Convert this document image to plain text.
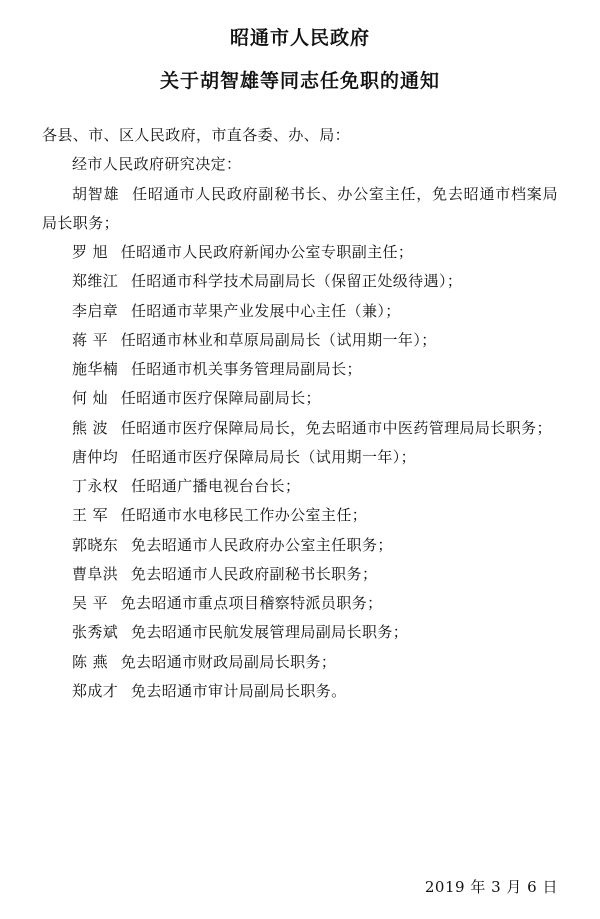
昭通市人民政府
关于胡智雄等同志任免职的通知
各县、市、区人民政府，市直各委、办、局：
经市人民政府研究决定：
胡智雄 任昭通市人民政府副秘书长、办公室主任，免去昭通市档案局局长职务；
罗 旭 任昭通市人民政府新闻办公室专职副主任；
郑维江 任昭通市科学技术局副局长（保留正处级待遇）；
李启章 任昭通市苹果产业发展中心主任（兼）；
蒋 平 任昭通市林业和草原局副局长（试用期一年）；
施华楠 任昭通市机关事务管理局副局长；
何 灿 任昭通市医疗保障局副局长；
熊 波 任昭通市医疗保障局局长，免去昭通市中医药管理局局长职务；
唐仲均 任昭通市医疗保障局局长（试用期一年）；
丁永权 任昭通广播电视台台长；
王 军 任昭通市水电移民工作办公室主任；
郭晓东 免去昭通市人民政府办公室主任职务；
曹阜洪 免去昭通市人民政府副秘书长职务；
吴 平 免去昭通市重点项目稽察特派员职务；
张秀斌 免去昭通市民航发展管理局副局长职务；
陈 燕 免去昭通市财政局副局长职务；
郑成才 免去昭通市审计局副局长职务。
2019 年 3 月 6 日
